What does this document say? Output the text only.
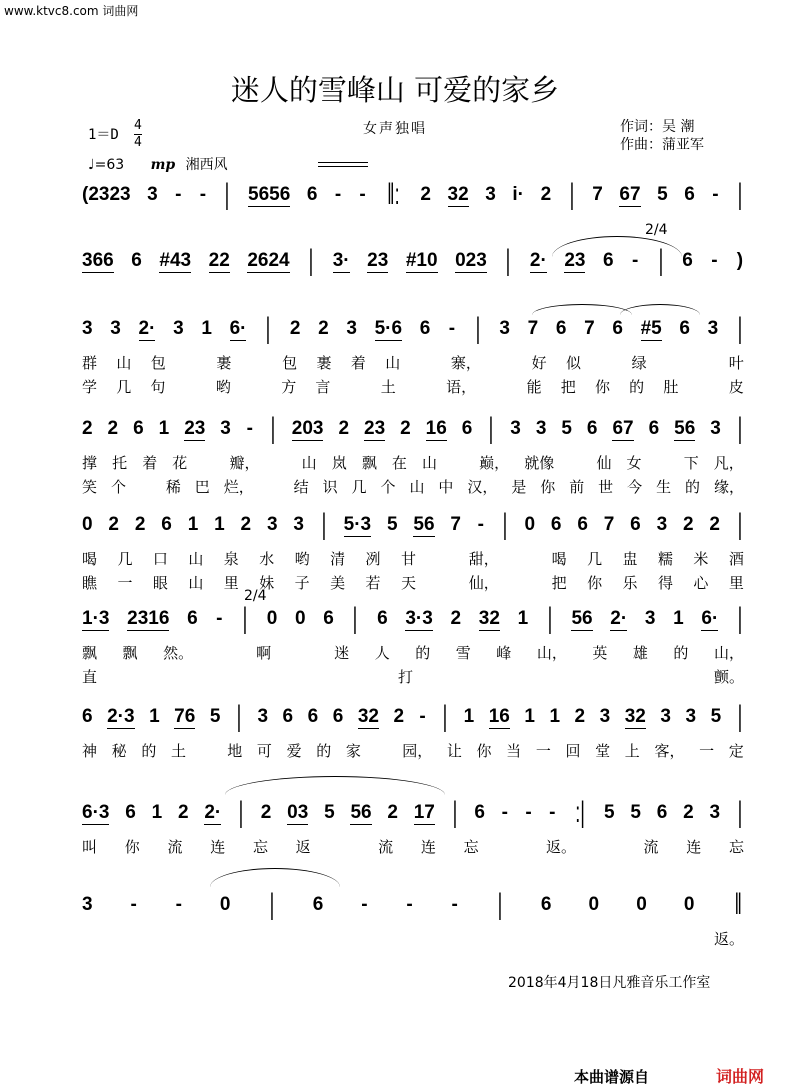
www.ktvc8.com 词曲网
迷人的雪峰山 可爱的家乡
女声独唱	作词：吴 潮
作曲：蒲亚军
1＝D
4
4
♩=63 mp 湘西风
2/4
2/4
(2323 3 - - | 5656 6 - - ‖: 2 32 3 i· 2 | 7 67 5 6 - |
366 6 #43 22 2624 | 3· 23 #10 023 | 2· 23 6 - | 6 - )
3 3 2· 3 1 6· | 2 2 3 5·6 6 - | 3 7 6 7 6 #5 6 3 |
群 山 包	裹	包 裹 着 山	寨，	好 似	绿	叶
学 几 句	哟	方 言	土	语，	能 把 你 的 肚	皮
2 2 6 1 23 3 - | 203 2 23 2 16 6 | 3 3 5 6 67 6 56 3 |
撑 托 着 花	瓣，	山 岚 飘 在 山	巅， 就像	仙 女	下 凡，
笑 个	稀 巴 烂，	结 识 几 个 山 中 汉， 是 你 前 世 今 生 的 缘，
0 2 2 6 1 1 2 3 3 | 5·3 5 56 7 - | 0 6 6 7 6 3 2 2 |
喝 几 口 山 泉 水 哟 清 冽 甘	甜，	喝 几 盅 糯 米 酒
瞧 一 眼 山 里 妹 子 美 若 天	仙，	把 你 乐 得 心 里
1·3 2316 6 - | 0 0 6 | 6 3·3 2 32 1 | 56 2· 3 1 6· |
飘 飘 然。	啊	迷 人 的 雪 峰 山， 英 雄 的 山，
直	打	颤。
6 2·3 1 76 5 | 3 6 6 6 32 2 - | 1 16 1 1 2 3 32 3 3 5 |
神 秘 的 土	地 可 爱 的 家	园， 让 你 当 一 回 堂 上 客， 一 定
6·3 6 1 2 2· | 2 03 5 56 2 17 | 6 - - - :| 5 5 6 2 3 |
叫 你 流 连 忘 返	流 连 忘	返。	流 连 忘
3 - - 0 | 6 - - - | 6 0 0 0 ‖
返。
2018年4月18日凡雅音乐工作室
本曲谱源自	词曲网
